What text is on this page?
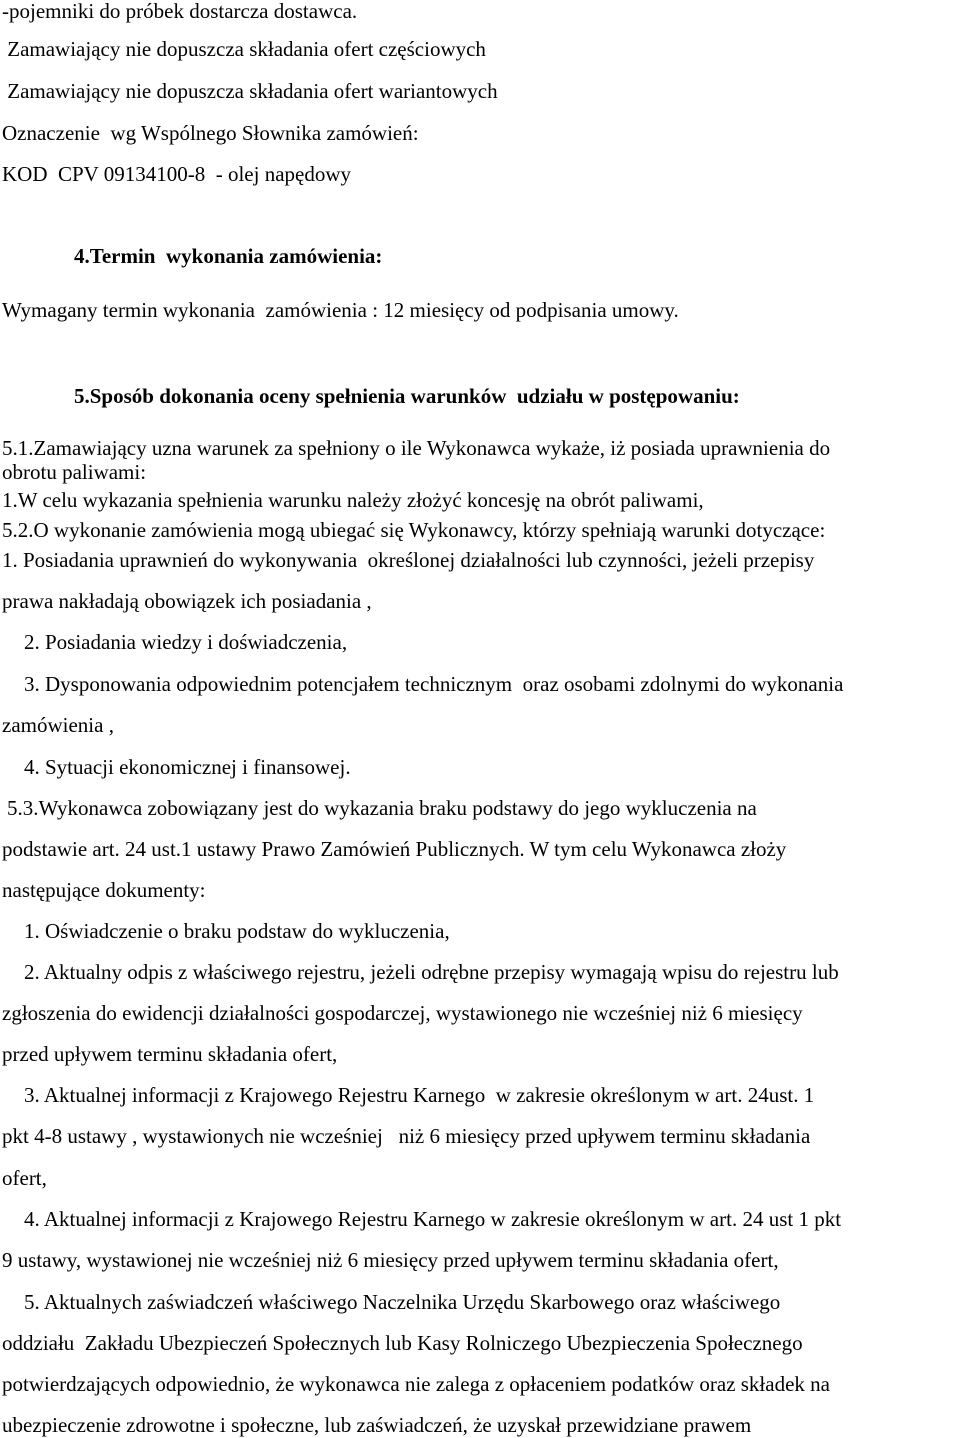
-pojemniki do próbek dostarcza dostawca.

Zamawiający nie dopuszcza składania ofert częściowych

Zamawiający nie dopuszcza składania ofert wariantowych

Oznaczenie  wg Wspólnego Słownika zamówień:

KOD  CPV 09134100-8  - olej napędowy

4.Termin  wykonania zamówienia:

Wymagany termin wykonania  zamówienia : 12 miesięcy od podpisania umowy.

5.Sposób dokonania oceny spełnienia warunków  udziału w postępowaniu:

5.1.Zamawiający uzna warunek za spełniony o ile Wykonawca wykaże, iż posiada uprawnienia do

obrotu paliwami:

1.W celu wykazania spełnienia warunku należy złożyć koncesję na obrót paliwami,

5.2.O wykonanie zamówienia mogą ubiegać się Wykonawcy, którzy spełniają warunki dotyczące:

1. Posiadania uprawnień do wykonywania  określonej działalności lub czynności, jeżeli przepisy

prawa nakładają obowiązek ich posiadania ,

2. Posiadania wiedzy i doświadczenia,

3. Dysponowania odpowiednim potencjałem technicznym  oraz osobami zdolnymi do wykonania

zamówienia ,

4. Sytuacji ekonomicznej i finansowej.

5.3.Wykonawca zobowiązany jest do wykazania braku podstawy do jego wykluczenia na

podstawie art. 24 ust.1 ustawy Prawo Zamówień Publicznych. W tym celu Wykonawca złoży

następujące dokumenty:

1. Oświadczenie o braku podstaw do wykluczenia,

2. Aktualny odpis z właściwego rejestru, jeżeli odrębne przepisy wymagają wpisu do rejestru lub

zgłoszenia do ewidencji działalności gospodarczej, wystawionego nie wcześniej niż 6 miesięcy

przed upływem terminu składania ofert,

3. Aktualnej informacji z Krajowego Rejestru Karnego  w zakresie określonym w art. 24ust. 1

pkt 4-8 ustawy , wystawionych nie wcześniej   niż 6 miesięcy przed upływem terminu składania

ofert,

4. Aktualnej informacji z Krajowego Rejestru Karnego w zakresie określonym w art. 24 ust 1 pkt

9 ustawy, wystawionej nie wcześniej niż 6 miesięcy przed upływem terminu składania ofert,

5. Aktualnych zaświadczeń właściwego Naczelnika Urzędu Skarbowego oraz właściwego

oddziału  Zakładu Ubezpieczeń Społecznych lub Kasy Rolniczego Ubezpieczenia Społecznego

potwierdzających odpowiednio, że wykonawca nie zalega z opłaceniem podatków oraz składek na

ubezpieczenie zdrowotne i społeczne, lub zaświadczeń, że uzyskał przewidziane prawem
